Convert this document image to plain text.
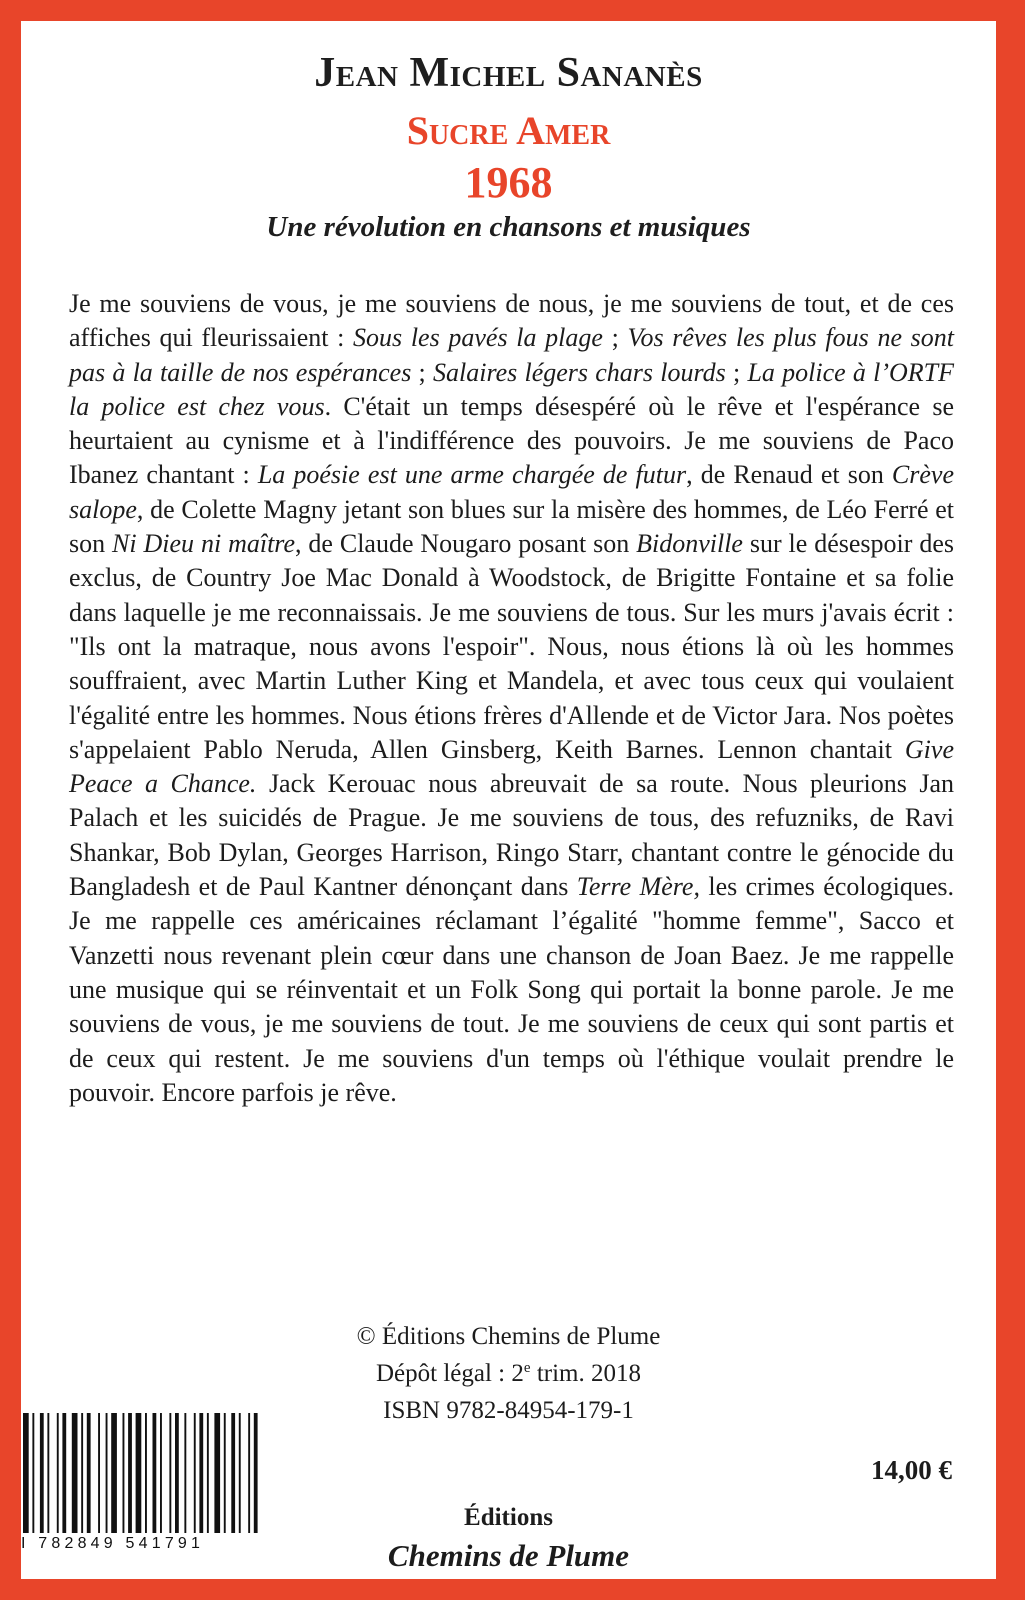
Jean Michel Sananès
Sucre Amer
1968
Une révolution en chansons et musiques
Je me souviens de vous, je me souviens de nous, je me souviens de tout, et de ces affiches qui fleurissaient : Sous les pavés la plage ; Vos rêves les plus fous ne sont pas à la taille de nos espérances ; Salaires légers chars lourds ; La police à l’ORTF la police est chez vous. C'était un temps désespéré où le rêve et l'espérance se heurtaient au cynisme et à l'indifférence des pouvoirs. Je me souviens de Paco Ibanez chantant : La poésie est une arme chargée de futur, de Renaud et son Crève salope, de Colette Magny jetant son blues sur la misère des hommes, de Léo Ferré et son Ni Dieu ni maître, de Claude Nougaro posant son Bidonville sur le désespoir des exclus, de Country Joe Mac Donald à Woodstock, de Brigitte Fontaine et sa folie dans laquelle je me reconnaissais. Je me souviens de tous. Sur les murs j'avais écrit : "Ils ont la matraque, nous avons l'espoir". Nous, nous étions là où les hommes souffraient, avec Martin Luther King et Mandela, et avec tous ceux qui voulaient l'égalité entre les hommes. Nous étions frères d'Allende et de Victor Jara. Nos poètes s'appelaient Pablo Neruda, Allen Ginsberg, Keith Barnes. Lennon chantait Give Peace a Chance. Jack Kerouac nous abreuvait de sa route. Nous pleurions Jan Palach et les suicidés de Prague. Je me souviens de tous, des refuzniks, de Ravi Shankar, Bob Dylan, Georges Harrison, Ringo Starr, chantant contre le génocide du Bangladesh et de Paul Kantner dénonçant dans Terre Mère, les crimes écologiques. Je me rappelle ces américaines réclamant l’égalité "homme femme", Sacco et Vanzetti nous revenant plein cœur dans une chanson de Joan Baez. Je me rappelle une musique qui se réinventait et un Folk Song qui portait la bonne parole. Je me souviens de vous, je me souviens de tout. Je me souviens de ceux qui sont partis et de ceux qui restent. Je me souviens d'un temps où l'éthique voulait prendre le pouvoir. Encore parfois je rêve.
© Éditions Chemins de Plume
Dépôt légal : 2e trim. 2018
ISBN 9782-84954-179-1
I 782849 541791
14,00 €
Éditions
Chemins de Plume
